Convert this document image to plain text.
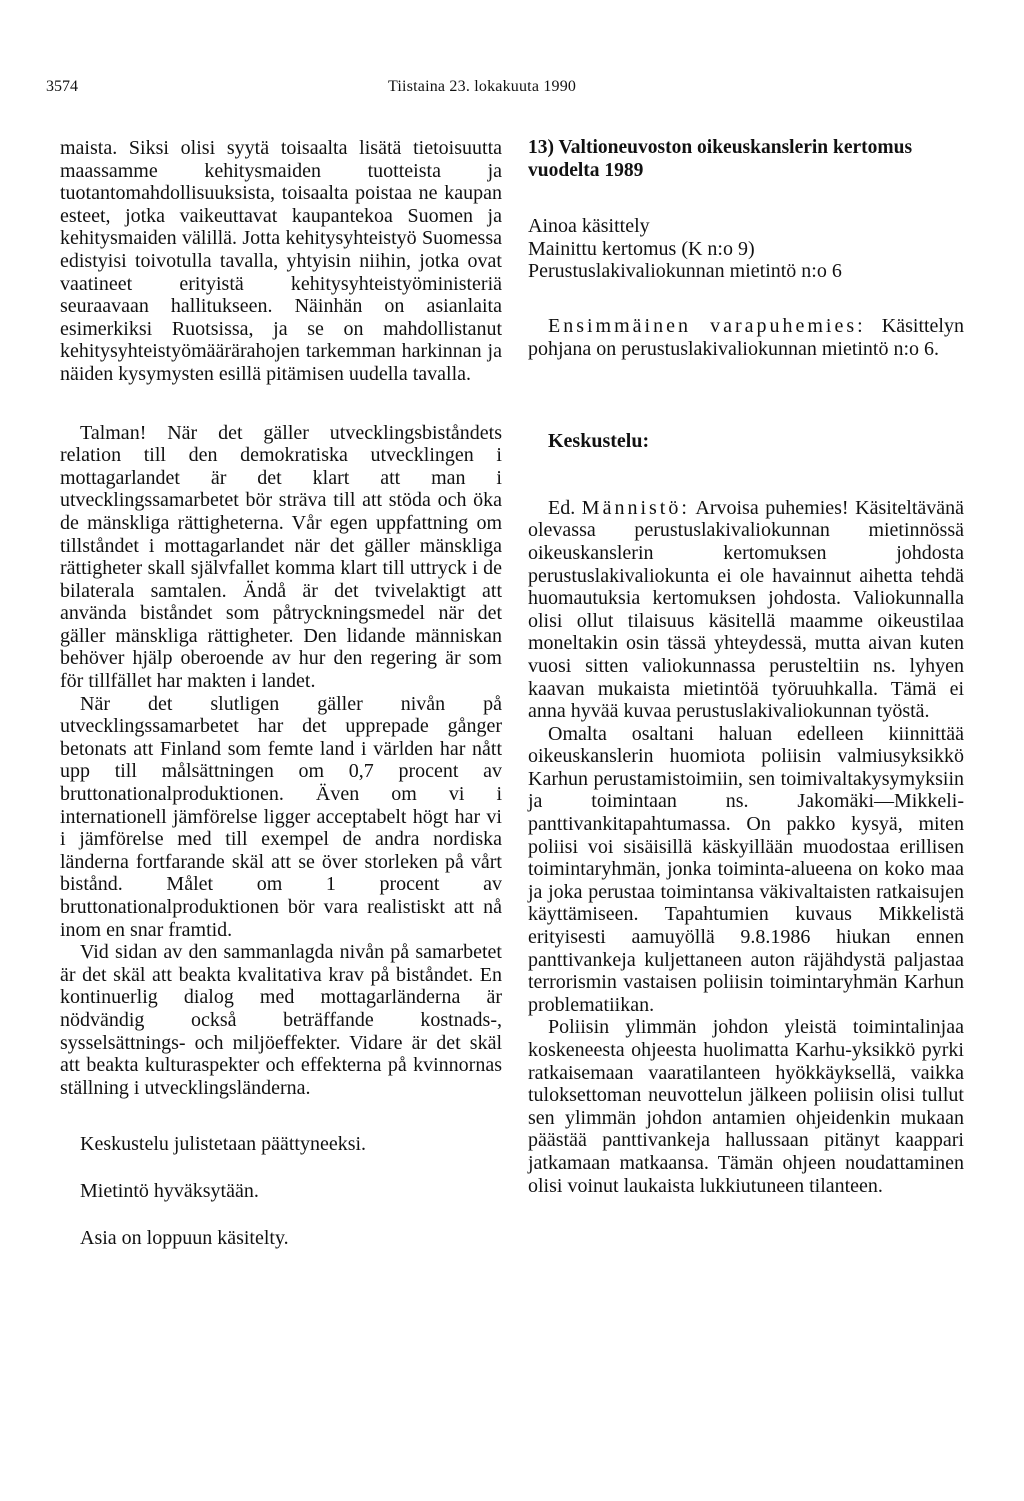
3574	Tiistaina 23. lokakuuta 1990

maista. Siksi olisi syytä toisaalta lisätä tietoisuutta maassamme kehitysmaiden tuotteista ja tuotantomahdollisuuksista, toisaalta poistaa ne kaupan esteet, jotka vaikeuttavat kaupantekoa Suomen ja kehitysmaiden välillä. Jotta kehitysyhteistyö Suomessa edistyisi toivotulla tavalla, yhtyisin niihin, jotka ovat vaatineet erityistä kehitysyhteistyöministeriä seuraavaan hallitukseen. Näinhän on asianlaita esimerkiksi Ruotsissa, ja se on mahdollistanut kehitysyhteistyömäärärahojen tarkemman harkinnan ja näiden kysymysten esillä pitämisen uudella tavalla.

Talman! När det gäller utvecklingsbiståndets relation till den demokratiska utvecklingen i mottagarlandet är det klart att man i utvecklingssamarbetet bör sträva till att stöda och öka de mänskliga rättigheterna. Vår egen uppfattning om tillståndet i mottagarlandet när det gäller mänskliga rättigheter skall självfallet komma klart till uttryck i de bilaterala samtalen. Ändå är det tvivelaktigt att använda biståndet som påtryckningsmedel när det gäller mänskliga rättigheter. Den lidande människan behöver hjälp oberoende av hur den regering är som för tillfället har makten i landet.

När det slutligen gäller nivån på utvecklingssamarbetet har det upprepade gånger betonats att Finland som femte land i världen har nått upp till målsättningen om 0,7 procent av bruttonationalproduktionen. Även om vi i internationell jämförelse ligger acceptabelt högt har vi i jämförelse med till exempel de andra nordiska länderna fortfarande skäl att se över storleken på vårt bistånd. Målet om 1 procent av bruttonationalproduktionen bör vara realistiskt att nå inom en snar framtid.

Vid sidan av den sammanlagda nivån på samarbetet är det skäl att beakta kvalitativa krav på biståndet. En kontinuerlig dialog med mottagarländerna är nödvändig också beträffande kostnads-, sysselsättnings- och miljöeffekter. Vidare är det skäl att beakta kulturaspekter och effekterna på kvinnornas ställning i utvecklingsländerna.

Keskustelu julistetaan päättyneeksi.

Mietintö hyväksytään.

Asia on loppuun käsitelty.

13) Valtioneuvoston oikeuskanslerin kertomus vuodelta 1989
Ainoa käsittely
Mainittu kertomus (K n:o 9)
Perustuslakivaliokunnan mietintö n:o 6

Ensimmäinen varapuhemies: Käsittelyn pohjana on perustuslakivaliokunnan mietintö n:o 6.

Keskustelu:

Ed. Männistö: Arvoisa puhemies! Käsiteltävänä olevassa perustuslakivaliokunnan mietinnössä oikeuskanslerin kertomuksen johdosta perustuslakivaliokunta ei ole havainnut aihetta tehdä huomautuksia kertomuksen johdosta. Valiokunnalla olisi ollut tilaisuus käsitellä maamme oikeustilaa moneltakin osin tässä yhteydessä, mutta aivan kuten vuosi sitten valiokunnassa perusteltiin ns. lyhyen kaavan mukaista mietintöä työruuhkalla. Tämä ei anna hyvää kuvaa perustuslakivaliokunnan työstä.

Omalta osaltani haluan edelleen kiinnittää oikeuskanslerin huomiota poliisin valmiusyksikkö Karhun perustamistoimiin, sen toimivaltakysymyksiin ja toimintaan ns. Jakomäki—Mikkeli-panttivankitapahtumassa. On pakko kysyä, miten poliisi voi sisäisillä käskyillään muodostaa erillisen toimintaryhmän, jonka toiminta-alueena on koko maa ja joka perustaa toimintansa väkivaltaisten ratkaisujen käyttämiseen. Tapahtumien kuvaus Mikkelistä erityisesti aamuyöllä 9.8.1986 hiukan ennen panttivankeja kuljettaneen auton räjähdystä paljastaa terrorismin vastaisen poliisin toimintaryhmän Karhun problematiikan.

Poliisin ylimmän johdon yleistä toimintalinjaa koskeneesta ohjeesta huolimatta Karhu-yksikkö pyrki ratkaisemaan vaaratilanteen hyökkäyksellä, vaikka tuloksettoman neuvottelun jälkeen poliisin olisi tullut sen ylimmän johdon antamien ohjeidenkin mukaan päästää panttivankeja hallussaan pitänyt kaappari jatkamaan matkaansa. Tämän ohjeen noudattaminen olisi voinut laukaista lukkiutuneen tilanteen.
